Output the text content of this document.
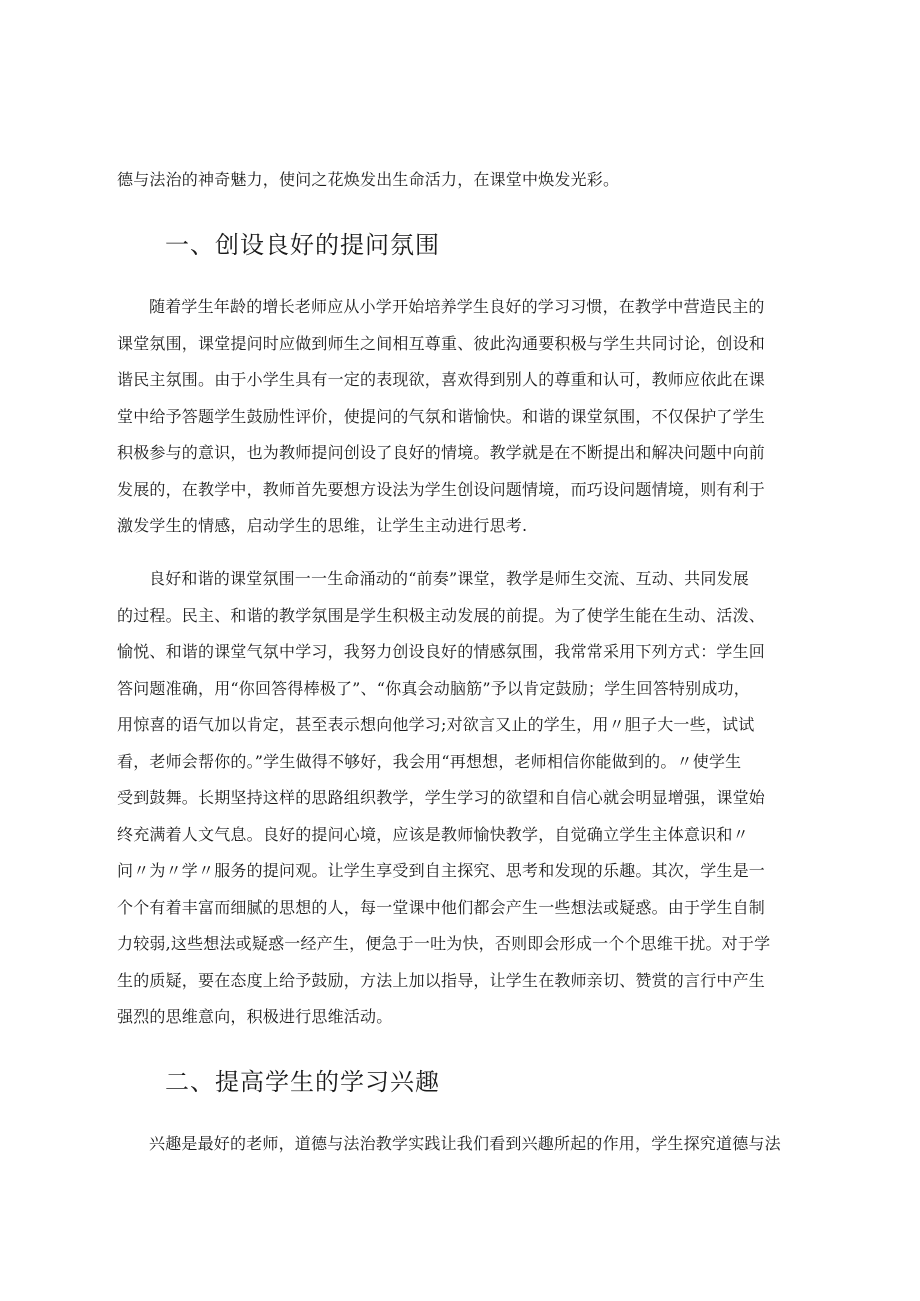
德与法治的神奇魅力，使问之花焕发出生命活力，在课堂中焕发光彩。
一、创设良好的提问氛围
随着学生年龄的增长老师应从小学开始培养学生良好的学习习惯，在教学中营造民主的
课堂氛围，课堂提问时应做到师生之间相互尊重、彼此沟通要积极与学生共同讨论，创设和
谐民主氛围。由于小学生具有一定的表现欲，喜欢得到别人的尊重和认可，教师应依此在课
堂中给予答题学生鼓励性评价，使提问的气氛和谐愉快。和谐的课堂氛围，不仅保护了学生
积极参与的意识，也为教师提问创设了良好的情境。教学就是在不断提出和解决问题中向前
发展的，在教学中，教师首先要想方设法为学生创设问题情境，而巧设问题情境，则有利于
激发学生的情感，启动学生的思维，让学生主动进行思考.
良好和谐的课堂氛围一一生命涌动的“前奏”课堂，教学是师生交流、互动、共同发展
的过程。民主、和谐的教学氛围是学生积极主动发展的前提。为了使学生能在生动、活泼、
愉悦、和谐的课堂气氛中学习，我努力创设良好的情感氛围，我常常采用下列方式：学生回
答问题准确，用“你回答得棒极了”、“你真会动脑筋”予以肯定鼓励；学生回答特别成功，
用惊喜的语气加以肯定，甚至表示想向他学习;对欲言又止的学生，用〃胆子大一些，试试
看，老师会帮你的。”学生做得不够好，我会用“再想想，老师相信你能做到的。〃使学生
受到鼓舞。长期坚持这样的思路组织教学，学生学习的欲望和自信心就会明显增强，课堂始
终充满着人文气息。良好的提问心境，应该是教师愉快教学，自觉确立学生主体意识和〃
问〃为〃学〃服务的提问观。让学生享受到自主探究、思考和发现的乐趣。其次，学生是一
个个有着丰富而细腻的思想的人，每一堂课中他们都会产生一些想法或疑惑。由于学生自制
力较弱,这些想法或疑惑一经产生，便急于一吐为快，否则即会形成一个个思维干扰。对于学
生的质疑，要在态度上给予鼓励，方法上加以指导，让学生在教师亲切、赞赏的言行中产生
强烈的思维意向，积极进行思维活动。
二、提高学生的学习兴趣
兴趣是最好的老师，道德与法治教学实践让我们看到兴趣所起的作用，学生探究道德与法
